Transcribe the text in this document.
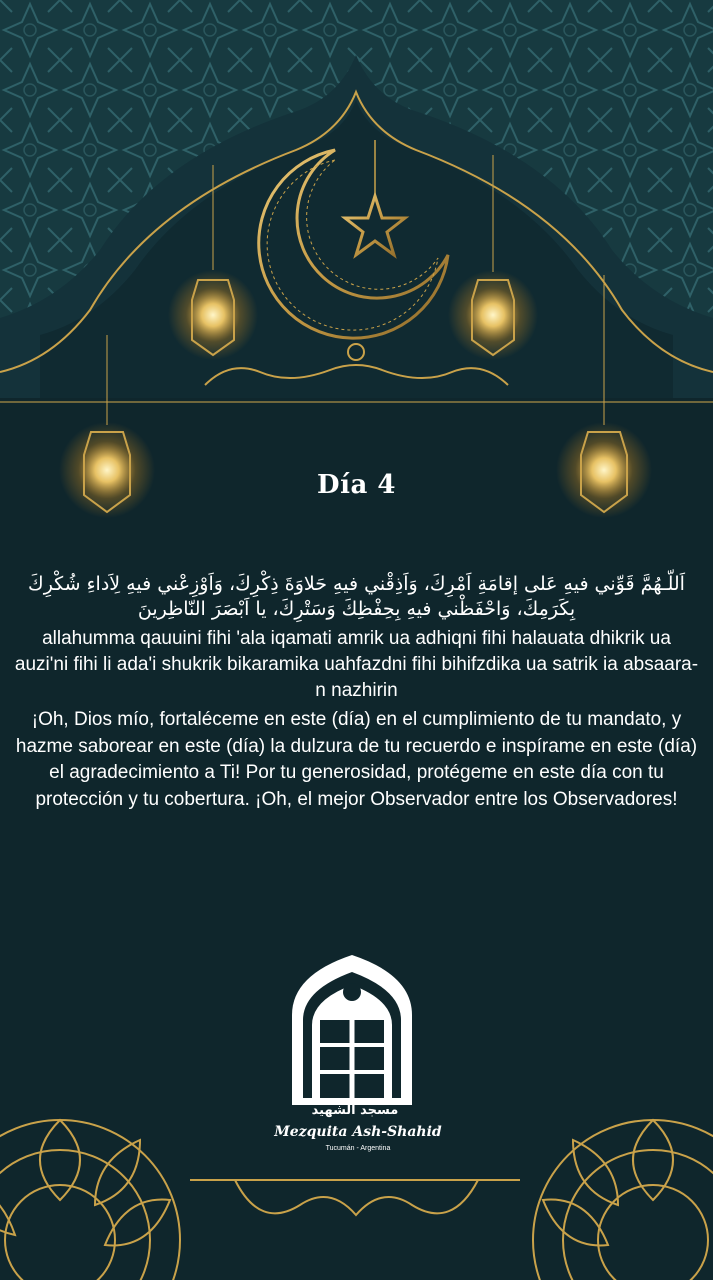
Día 4
اَللّـهُمَّ قَوِّني فيهِ عَلى إقامَةِ اَمْرِكَ، وَاَذِقْني فيهِ حَلاوَةَ ذِكْرِكَ، وَاَوْزِعْني فيهِ لِاَداءِ شُكْرِكَ بِكَرَمِكَ، وَاحْفَظْني فيهِ بِحِفْظِكَ وَسَتْرِكَ، يا اَبْصَرَ النّاظِرينَ
allahumma qauuini fihi 'ala iqamati amrik ua adhiqni fihi halauata dhikrik ua auzi'ni fihi li ada'i shukrik bikaramika uahfazdni fihi bihifzdika ua satrik ia absaara-n nazhirin
¡Oh, Dios mío, fortaléceme en este (día) en el cumplimiento de tu mandato, y hazme saborear en este (día) la dulzura de tu recuerdo e inspírame en este (día) el agradecimiento a Ti! Por tu generosidad, protégeme en este día con tu protección y tu cobertura. ¡Oh, el mejor Observador entre los Observadores!
مسجد الشهيد
Mezquita Ash-Shahid
Tucumán - Argentina
